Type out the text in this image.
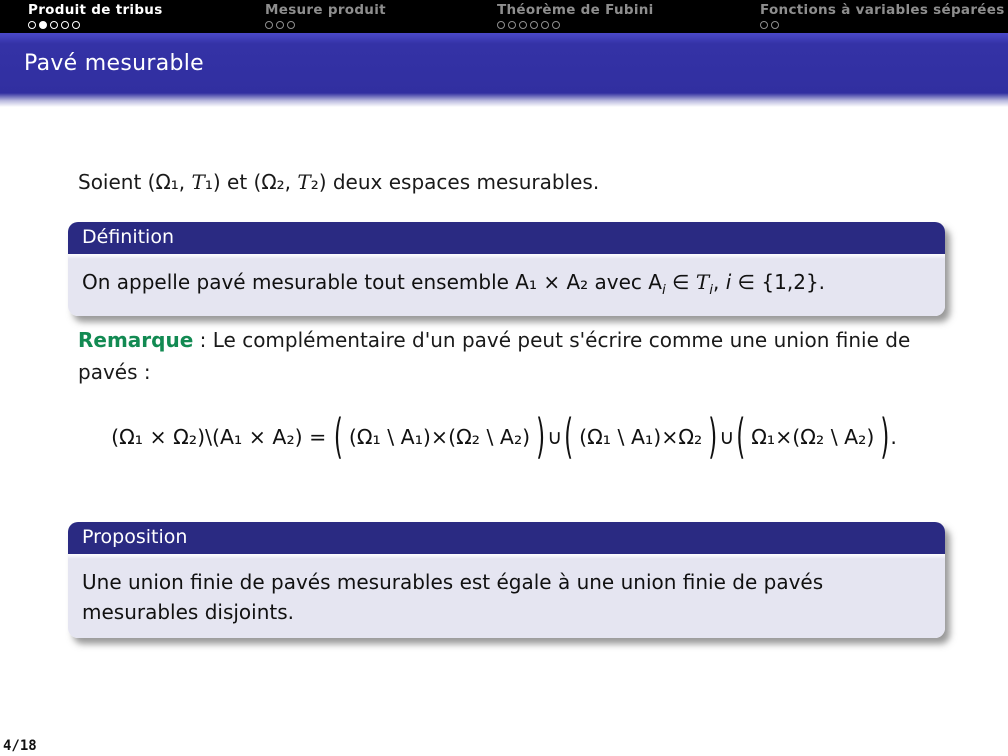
Produit de tribus	Mesure produit	Théorème de Fubini	Fonctions à variables séparées
Pavé mesurable
Soient (Ω₁, T₁) et (Ω₂, T₂) deux espaces mesurables.
Définition
On appelle pavé mesurable tout ensemble A₁ × A₂ avec $A_i$ ∈ $T_i$, i ∈ {1,2}.
Remarque : Le complémentaire d'un pavé peut s'écrire comme une union finie de pavés :
(Ω₁ × Ω₂)\(A₁ × A₂) = ( (Ω₁ \ A₁)×(Ω₂ \ A₂) )∪( (Ω₁ \ A₁)×Ω₂ )∪( Ω₁×(Ω₂ \ A₂) ).
Proposition
Une union finie de pavés mesurables est égale à une union finie de pavés mesurables disjoints.
4/18
